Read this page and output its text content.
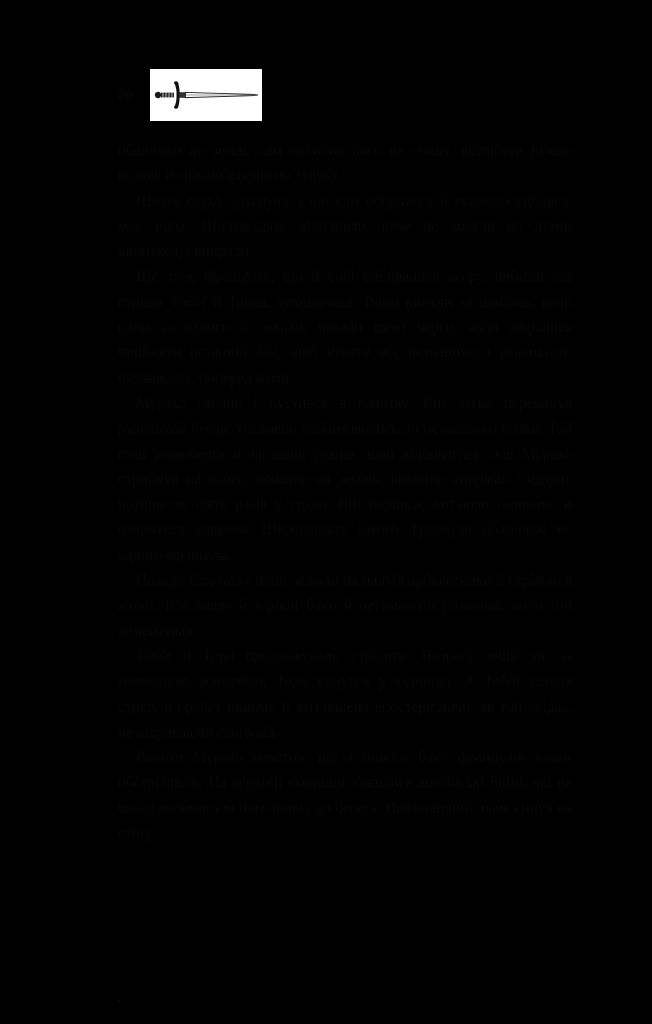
26

обличчям до землі, сам нахилив його на спину, відтягнув рукою голову й сильно вдарив по тулубу.

Шпага глухо хруснула, і він сам обернувся й судомно вибився, мов риба. Шістнадцять відпливли, наче не змогли на думці вибитися, і впирали.

Ще троє французів, що й собі вибиралися вгору, вибігли від стрілів Тоббі й Торна, зупинилися. Вони кинули за щоглою, коли один за одного й чекали, чекали своєї черги, коли зібралися прийняти останній бій, щоб утекти від незнайомого руденького чудовиська, поперед нами.

Мурахо скочив і пустився в гонитву. Він легко перекинув руденький бугор, упевнено наближаючись до останнього вояки. Той став упівоберта й заставив рукою, щоб відбиватися, але Мурахо стрибнув на нього, повалив на землю, вихопив кинджал і вдарив чотири чи п'ять разів у груди. Він підвівся, хитаючи головою, й озирнувся навколо. Шістнадцять нікого французи обличчям не одного француза.

Позаду. Спочатку вони лежали на палубі арбалетники й стрілою в живіт. Він впаде й з рівні боки й несамовито розпочав, коли той лементував.

Тоббі й Торн продовжували стріляти. Вознесі, який ліг за мовчазною жагорбом, Торн кинувся у сідницю. А Тоббі вцілив стрілу в кробет іншому й затуманено спостерігаючи, як той осідає, не відриваючи свого від.

Раптом Мурахо помітив, що з іншого боку французів також обстріляють. На верхній сходинці з'явилися англійські бійці, які на весел допомагали його човну до берега. Неймовірний, наче кинув на стіну
